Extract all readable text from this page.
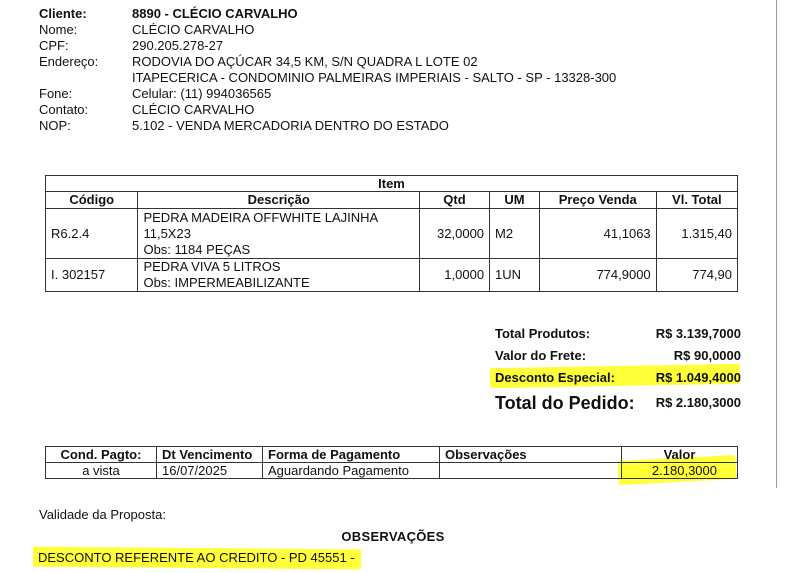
Cliente:	8890 - CLÉCIO CARVALHO
Nome:	CLÉCIO CARVALHO
CPF:	290.205.278-27
Endereço:	RODOVIA DO AÇÚCAR 34,5 KM, S/N QUADRA L LOTE 02
ITAPECERICA - CONDOMINIO PALMEIRAS IMPERIAIS - SALTO - SP - 13328-300
Fone:	Celular: (11) 994036565
Contato:	CLÉCIO CARVALHO
NOP:	5.102 - VENDA MERCADORIA DENTRO DO ESTADO
Item					
Código	Descrição	Qtd	UM	Preço Venda	Vl. Total
R6.2.4	PEDRA MADEIRA OFFWHITE LAJINHA
11,5X23
Obs: 1184 PEÇAS	32,0000	M2	41,1063	1.315,40
I. 302157	PEDRA VIVA 5 LITROS
Obs: IMPERMEABILIZANTE	1,0000	1UN	774,9000	774,90
Total Produtos:	R$ 3.139,7000
Valor do Frete:	R$ 90,0000
Desconto Especial:	R$ 1.049,4000
Total do Pedido: R$ 2.180,3000
Cond. Pagto:	Dt Vencimento	Forma de Pagamento	Observações	Valor
a vista	16/07/2025	Aguardando Pagamento		2.180,3000
Validade da Proposta:
OBSERVAÇÕES
DESCONTO REFERENTE AO CREDITO - PD 45551 -
